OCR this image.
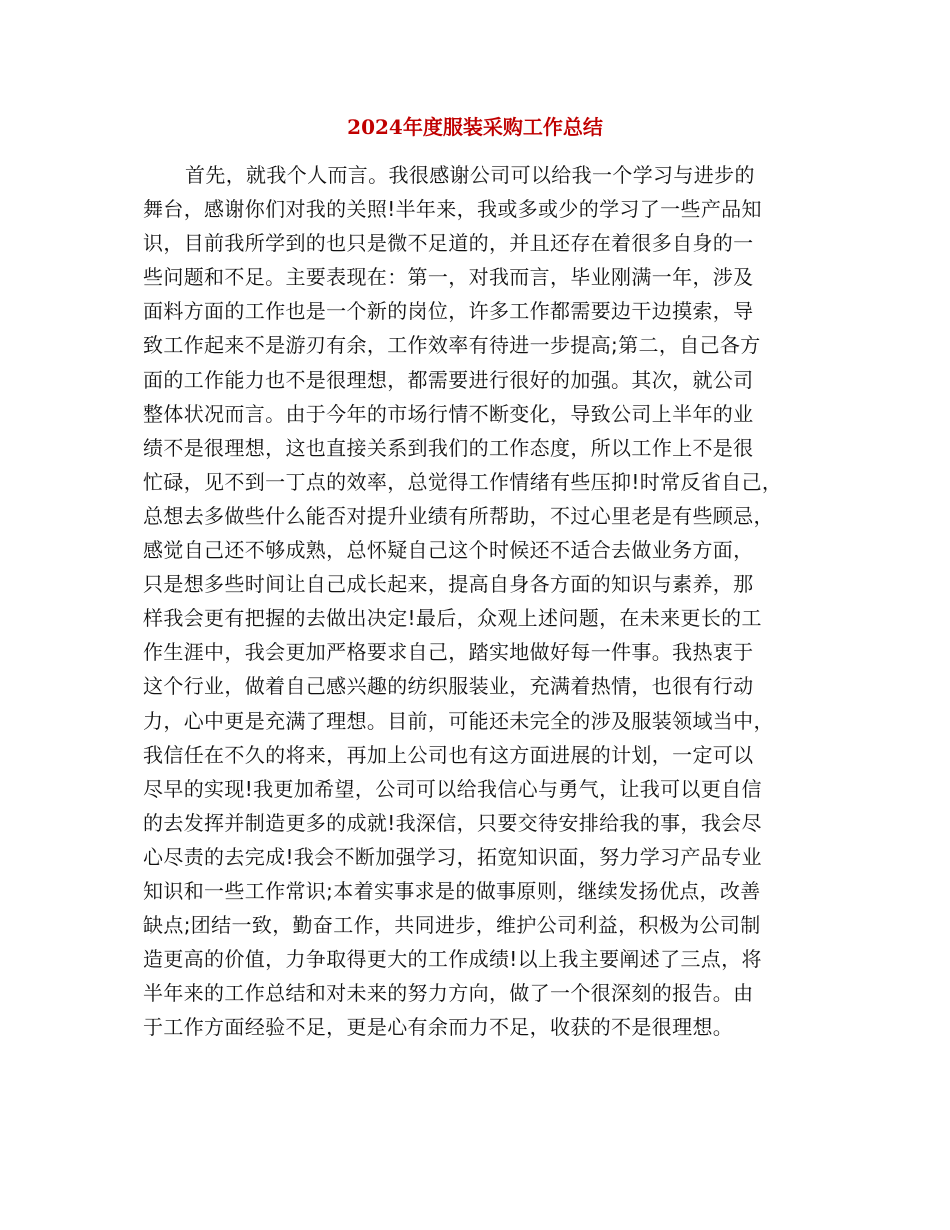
2024年度服装采购工作总结
首先，就我个人而言。我很感谢公司可以给我一个学习与进步的
舞台，感谢你们对我的关照!半年来，我或多或少的学习了一些产品知
识，目前我所学到的也只是微不足道的，并且还存在着很多自身的一
些问题和不足。主要表现在：第一，对我而言，毕业刚满一年，涉及
面料方面的工作也是一个新的岗位，许多工作都需要边干边摸索，导
致工作起来不是游刃有余，工作效率有待进一步提高;第二，自己各方
面的工作能力也不是很理想，都需要进行很好的加强。其次，就公司
整体状况而言。由于今年的市场行情不断变化，导致公司上半年的业
绩不是很理想，这也直接关系到我们的工作态度，所以工作上不是很
忙碌，见不到一丁点的效率，总觉得工作情绪有些压抑!时常反省自己，
总想去多做些什么能否对提升业绩有所帮助，不过心里老是有些顾忌，
感觉自己还不够成熟，总怀疑自己这个时候还不适合去做业务方面，
只是想多些时间让自己成长起来，提高自身各方面的知识与素养，那
样我会更有把握的去做出决定!最后，众观上述问题，在未来更长的工
作生涯中，我会更加严格要求自己，踏实地做好每一件事。我热衷于
这个行业，做着自己感兴趣的纺织服装业，充满着热情，也很有行动
力，心中更是充满了理想。目前，可能还未完全的涉及服装领域当中，
我信任在不久的将来，再加上公司也有这方面进展的计划，一定可以
尽早的实现!我更加希望，公司可以给我信心与勇气，让我可以更自信
的去发挥并制造更多的成就!我深信，只要交待安排给我的事，我会尽
心尽责的去完成!我会不断加强学习，拓宽知识面，努力学习产品专业
知识和一些工作常识;本着实事求是的做事原则，继续发扬优点，改善
缺点;团结一致，勤奋工作，共同进步，维护公司利益，积极为公司制
造更高的价值，力争取得更大的工作成绩!以上我主要阐述了三点，将
半年来的工作总结和对未来的努力方向，做了一个很深刻的报告。由
于工作方面经验不足，更是心有余而力不足，收获的不是很理想。
